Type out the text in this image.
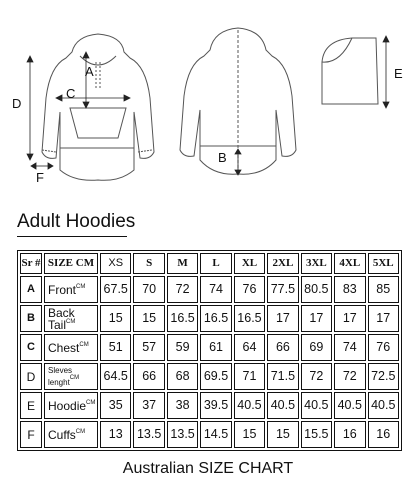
A
C
D
F
B
E
Adult Hoodies
Sr #	SIZE CM	XS	S	M	L	XL	2XL	3XL	4XL	5XL
A	Front$^{CM}$	67.5	70	72	74	76	77.5	80.5	83	85
B	Back Tail$^{CM}$	15	15	16.5	16.5	16.5	17	17	17	17
C	Chest$^{CM}$	51	57	59	61	64	66	69	74	76
D	Sleves lenght$^{CM}$	64.5	66	68	69.5	71	71.5	72	72	72.5
E	Hoodie$^{CM}$	35	37	38	39.5	40.5	40.5	40.5	40.5	40.5
F	Cuffs$^{CM}$	13	13.5	13.5	14.5	15	15	15.5	16	16
Australian SIZE CHART
